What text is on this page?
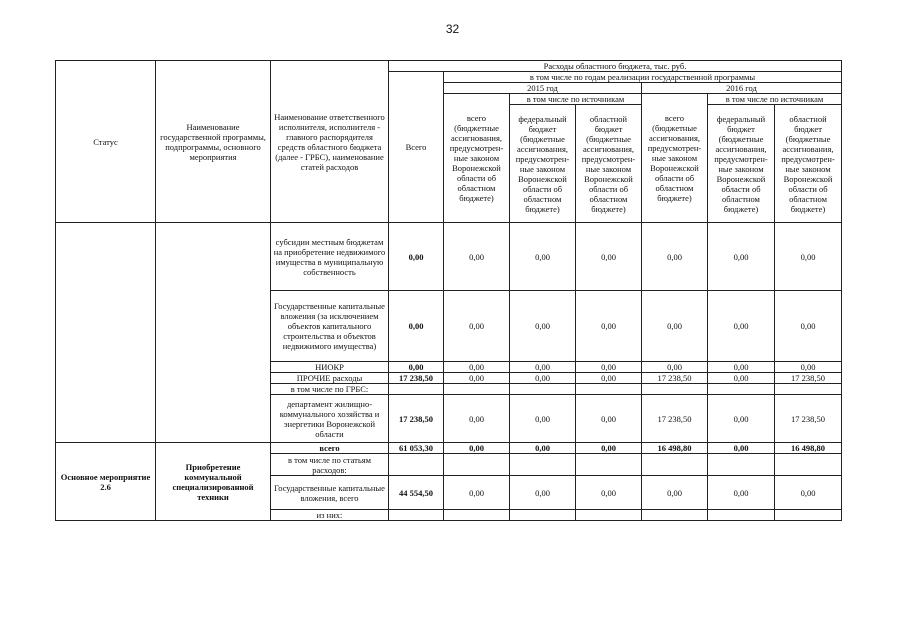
32
Статус	Наименование государственной программы, подпрограммы, основного мероприятия	Наименование ответственного исполнителя, исполнителя - главного распорядителя средств областного бюджета (далее - ГРБС), наименование статей расходов	Расходы областного бюджета, тыс. руб.						
			Всего	в том числе по годам реализации государственной программы					
				2015 год			2016 год		
				всего (бюджетные ассигнования, предусмотрен-ные законом Воронежской области об областном бюджете)	в том числе по источникам		всего (бюджетные ассигнования, предусмотрен-ные законом Воронежской области об областном бюджете)	в том числе по источникам	
					федеральный бюджет (бюджетные ассигнования, предусмотрен-ные законом Воронежской области об областном бюджете)	областной бюджет (бюджетные ассигнования, предусмотрен-ные законом Воронежской области об областном бюджете)		федеральный бюджет (бюджетные ассигнования, предусмотрен-ные законом Воронежской области об областном бюджете)	областной бюджет (бюджетные ассигнования, предусмотрен-ные законом Воронежской области об областном бюджете)
		субсидии местным бюджетам на приобретение недвижимого имущества в муниципальную собственность	0,00	0,00	0,00	0,00	0,00	0,00	0,00
		Государственные капитальные вложения (за исключением объектов капитального строительства и объектов недвижимого имущества)	0,00	0,00	0,00	0,00	0,00	0,00	0,00
		НИОКР	0,00	0,00	0,00	0,00	0,00	0,00	0,00
		ПРОЧИЕ расходы	17 238,50	0,00	0,00	0,00	17 238,50	0,00	17 238,50
		в том числе по ГРБС:							
		департамент жилищно-коммунального хозяйства и энергетики Воронежской области	17 238,50	0,00	0,00	0,00	17 238,50	0,00	17 238,50
Основное мероприятие 2.6	Приобретение коммунальной специализированной техники	всего	61 053,30	0,00	0,00	0,00	16 498,80	0,00	16 498,80
		в том числе по статьям расходов:							
		Государственные капитальные вложения, всего	44 554,50	0,00	0,00	0,00	0,00	0,00	0,00
		из них:							
